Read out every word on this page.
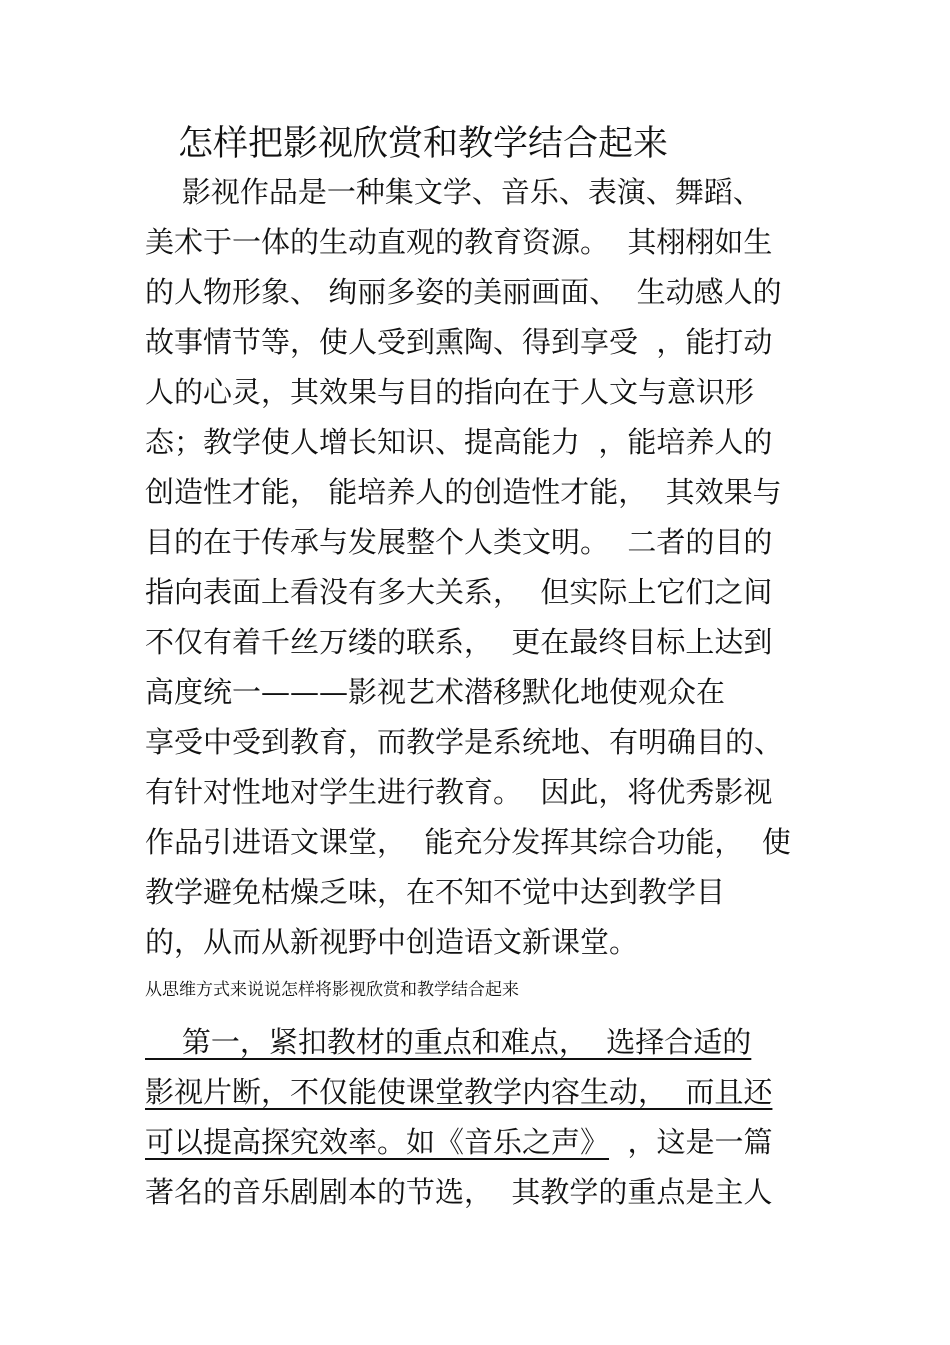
怎样把影视欣赏和教学结合起来
影视作品是一种集文学、音乐、表演、舞蹈、
美术于一体的生动直观的教育资源。  其栩栩如生
的人物形象、 绚丽多姿的美丽画面、  生动感人的
故事情节等，使人受到熏陶、得到享受  ，能打动
人的心灵，其效果与目的指向在于人文与意识形
态；教学使人增长知识、提高能力  ，能培养人的
创造性才能， 能培养人的创造性才能，  其效果与
目的在于传承与发展整个人类文明。  二者的目的
指向表面上看没有多大关系，  但实际上它们之间
不仅有着千丝万缕的联系，  更在最终目标上达到
高度统一———影视艺术潜移默化地使观众在
享受中受到教育，而教学是系统地、有明确目的、
有针对性地对学生进行教育。  因此，将优秀影视
作品引进语文课堂，  能充分发挥其综合功能，  使
教学避免枯燥乏味，在不知不觉中达到教学目
的，从而从新视野中创造语文新课堂。
从思维方式来说说怎样将影视欣赏和教学结合起来
第一，紧扣教材的重点和难点，  选择合适的
影视片断，不仅能使课堂教学内容生动，  而且还
可以提高探究效率。如《音乐之声》  ，这是一篇
著名的音乐剧剧本的节选，  其教学的重点是主人
